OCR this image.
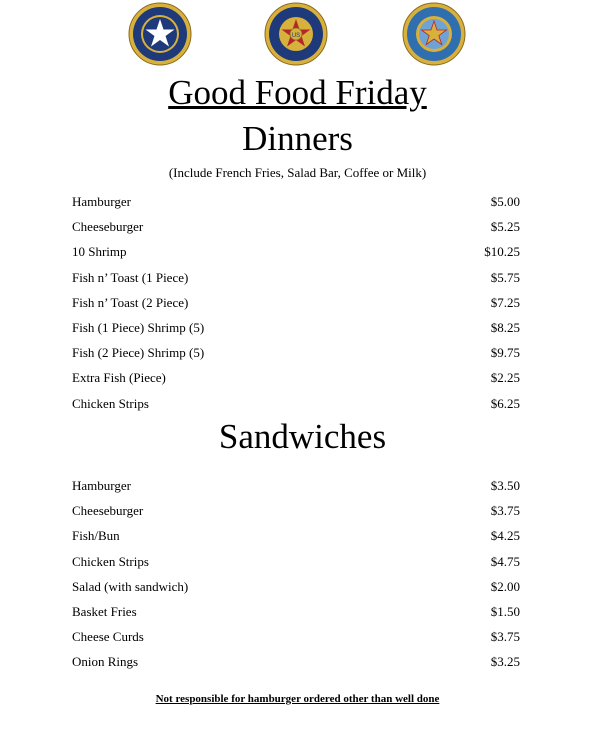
US
Good Food Friday
Dinners
(Include French Fries, Salad Bar, Coffee or Milk)
Hamburger	$5.00
Cheeseburger	$5.25
10 Shrimp	$10.25
Fish n’ Toast (1 Piece)	$5.75
Fish n’ Toast (2 Piece)	$7.25
Fish (1 Piece) Shrimp (5)	$8.25
Fish (2 Piece) Shrimp (5)	$9.75
Extra Fish (Piece)	$2.25
Chicken Strips	$6.25
Sandwiches
Hamburger	$3.50
Cheeseburger	$3.75
Fish/Bun	$4.25
Chicken Strips	$4.75
Salad (with sandwich)	$2.00
Basket Fries	$1.50
Cheese Curds	$3.75
Onion Rings	$3.25
Not responsible for hamburger ordered other than well done
